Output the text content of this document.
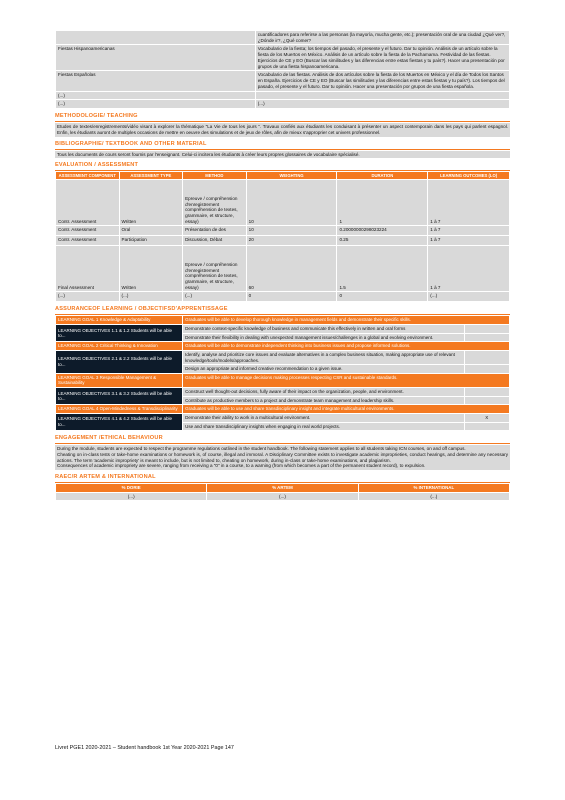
	cuantificadores para referirse a las personas (la mayoría, mucha gente, etc.); presentación oral de una ciudad ¿Qué ver?, ¿Dónde ir?, ¿Qué comer?
Fiestas Hispanoamericanas	Vocabulario de la fiesta; los tiempos del pasado, el presente y el futuro. Dar tu opinión. Análisis de un artículo sobre la fiesta de los Muertos en México. Análisis de un artículo sobre la fiesta de la Pachamama. Festividad de las fiestas. Ejercicios de CE y EO (Buscar las similitudes y las diferencias entre estas fiestas y tu país?). Hacer una presentación por grupos de una fiesta hispanoamericana.
Fiestas Españolas	Vocabulario de las fiestas. Análisis de dos artículos sobre la fiesta de los Muertos en México y el día de Todos los Santos en España. Ejercicios de CE y EO (Buscar las similitudes y las diferencias entre estas fiestas y tu país?). Los tiempos del pasado, el presente y el futuro. Dar tu opinión. Hacer una presentación por grupos de una fiesta española.
(...)	
(...)	(...)
METHODOLOGIE/ TEACHING
Etudes de textes/enregistrements/vidéo visant à explorer la thématique "La Vie de tous les jours ". Travaux confiés aux étudiants les conduisant à présenter un aspect contemporain dans les pays qui parlent espagnol. Enfin, les étudiants auront de multiples occasions de mettre en oeuvre des simulations et de jeux de rôles, afin de mieux s'approprier cet univers professionnel.
BIBLIOGRAPHIE/ TEXTBOOK AND OTHER MATERIAL
Tous les documents de cours seront fournis par l'enseignant. Celui-ci incitera les étudiants à créer leurs propres glossaires de vocabulaire spécialisé.
EVALUATION / ASSESSMENT
ASSESSMENT COMPONENT	ASSESSMENT TYPE	METHOD	WEIGHTING	DURATION	LEARNING OUTCOMES (LO)
Contr. Assessment	Written	Epreuve / compréhension d'enregistrement compréhension de textes, grammaire, et structure, essay)	10	1	1 à 7
Contr. Assessment	Oral	Présentation de des	10	0.20000000298023224	1 à 7
Contr. Assessment	Participation	Discussion, Débat	20	0.25	1 à 7
Final Assessment	Written	Epreuve / compréhension d'enregistrement compréhension de textes, grammaire, et structure, essay)	60	1.5	1 à 7
(...)	(...)	(...)	0	0	(...)
ASSURANCEOF LEARNING / OBJECTIFSD'APPRENTISSAGE
LEARNING GOAL 1 Knowledge & Adaptability	Graduates will be able to develop thorough knowledge in management fields and demonstrate their specific skills.	
LEARNING OBJECTIVES 1.1 & 1.2 Students will be able to...	Demonstrate context-specific knowledge of business and communicate this effectively in written and oral forms	
	Demonstrate their flexibility in dealing with unexpected management issues/challenges in a global and evolving environment.	
LEARNING GOAL 2 Critical Thinking & Innovation	Graduates will be able to demonstrate independent thinking into business issues and propose informed solutions.	
LEARNING OBJECTIVES 2.1 & 2.2 Students will be able to...	Identify, analyse and prioritize core issues and evaluate alternatives in a complex business situation, making appropriate use of relevant knowledge/tools/models/approaches.	
	Design an appropriate and informed creative recommendation to a given issue.	
LEARNING GOAL 3 Responsible Management & Sustainability	Graduates will be able to manage decisions making processes respecting CSR and sustainable standards.	
LEARNING OBJECTIVES 3.1 & 3.2 Students will be able to...	Construct well thought-out decisions, fully aware of their impact on the organization, people, and environment.	
	Contribute as productive members to a project and demonstrate team management and leadership skills.	
LEARNING GOAL 4 Open-Mindedness & Transdisciplinarity	Graduates will be able to use and share transdisciplinary insight and integrate multicultural environments.	
LEARNING OBJECTIVES 4.1 & 4.2 Students will be able to...	Demonstrate their ability to work in a multicultural environment.	X
	Use and share transdisciplinary insights when engaging in real world projects.	
ENGAGEMENT /ETHICAL BEHAVIOUR

During the module, students are expected to respect the programme regulations outlined in the student handbook. The following statement applies to all students taking ICN courses, on and off campus.

Cheating on in-class tests or take-home examinations or homework is, of course, illegal and immoral. A Disciplinary Committee exists to investigate academic improprieties, conduct hearings, and determine any necessary actions. The term 'academic impropriety' is meant to include, but is not limited to, cheating on homework, during in-class or take-home examinations, and plagiarism.

Consequences of academic impropriety are severe, ranging from receiving a "0" in a course, to a warning (from which becomes a part of the permanent student record), to expulsion.

RAEC/R ARTEM & INTERNATIONAL
% DORIE	% ARTEM	% INTERNATIONAL
(...)	(...)	(...)
Livret PGE1 2020-2021 – Student handbook 1st Year 2020-2021 Page 147
